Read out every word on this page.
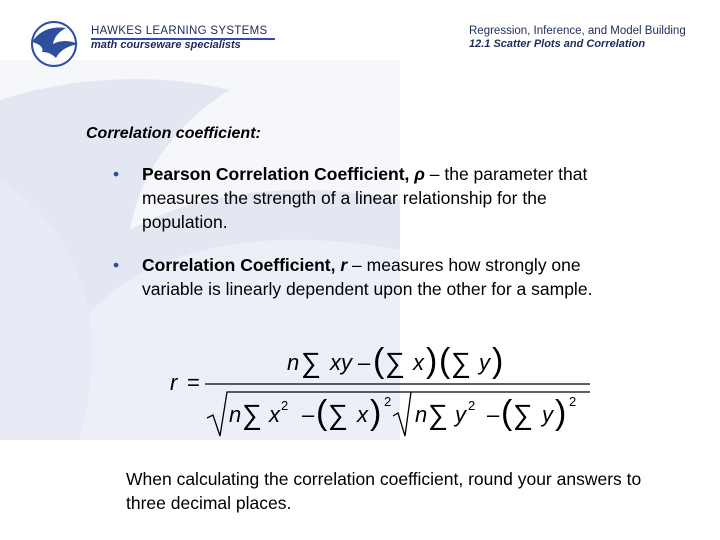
HAWKES LEARNING SYSTEMS
math courseware specialists
Regression, Inference, and Model Building
12.1 Scatter Plots and Correlation
Correlation coefficient:
• Pearson Correlation Coefficient, ρ – the parameter that measures the strength of a linear relationship for the population.
• Correlation Coefficient, r – measures how strongly one variable is linearly dependent upon the other for a sample.
r =
n ∑ xy – ( ∑ x ) ( ∑ y )
n ∑ x 2 – ( ∑ x ) 2
n ∑ y 2 – ( ∑ y ) 2
When calculating the correlation coefficient, round your answers to three decimal places.
